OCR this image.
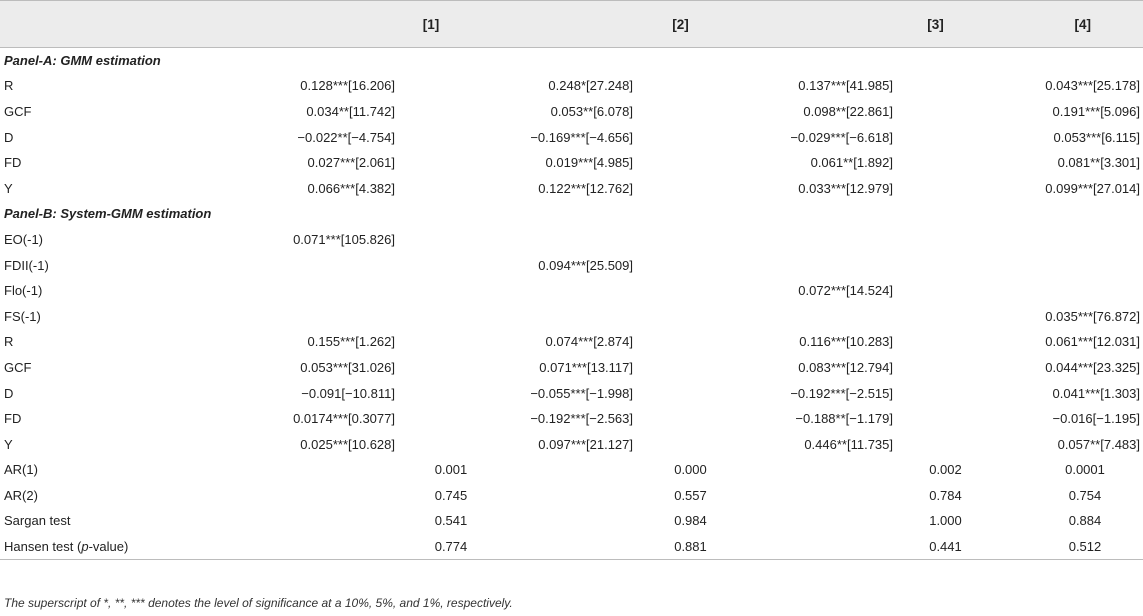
	[1]	[2]	[3]	[4]
Panel-A: GMM estimation				
R	0.128***[16.206]	0.248*[27.248]	0.137***[41.985]	0.043***[25.178]
GCF	0.034**[11.742]	0.053**[6.078]	0.098**[22.861]	0.191***[5.096]
D	−0.022**[−4.754]	−0.169***[−4.656]	−0.029***[−6.618]	0.053***[6.115]
FD	0.027***[2.061]	0.019***[4.985]	0.061**[1.892]	0.081**[3.301]
Y	0.066***[4.382]	0.122***[12.762]	0.033***[12.979]	0.099***[27.014]
Panel-B: System-GMM estimation				
EO(-1)	0.071***[105.826]			
FDII(-1)		0.094***[25.509]		
Flo(-1)			0.072***[14.524]	
FS(-1)				0.035***[76.872]
R	0.155***[1.262]	0.074***[2.874]	0.116***[10.283]	0.061***[12.031]
GCF	0.053***[31.026]	0.071***[13.117]	0.083***[12.794]	0.044***[23.325]
D	−0.091[−10.811]	−0.055***[−1.998]	−0.192***[−2.515]	0.041***[1.303]
FD	0.0174***[0.3077]	−0.192***[−2.563]	−0.188**[−1.179]	−0.016[−1.195]
Y	0.025***[10.628]	0.097***[21.127]	0.446**[11.735]	0.057**[7.483]
AR(1)	0.001	0.000	0.002	0.0001
AR(2)	0.745	0.557	0.784	0.754
Sargan test	0.541	0.984	1.000	0.884
Hansen test (p-value)	0.774	0.881	0.441	0.512
The superscript of *, **, *** denotes the level of significance at a 10%, 5%, and 1%, respectively.
